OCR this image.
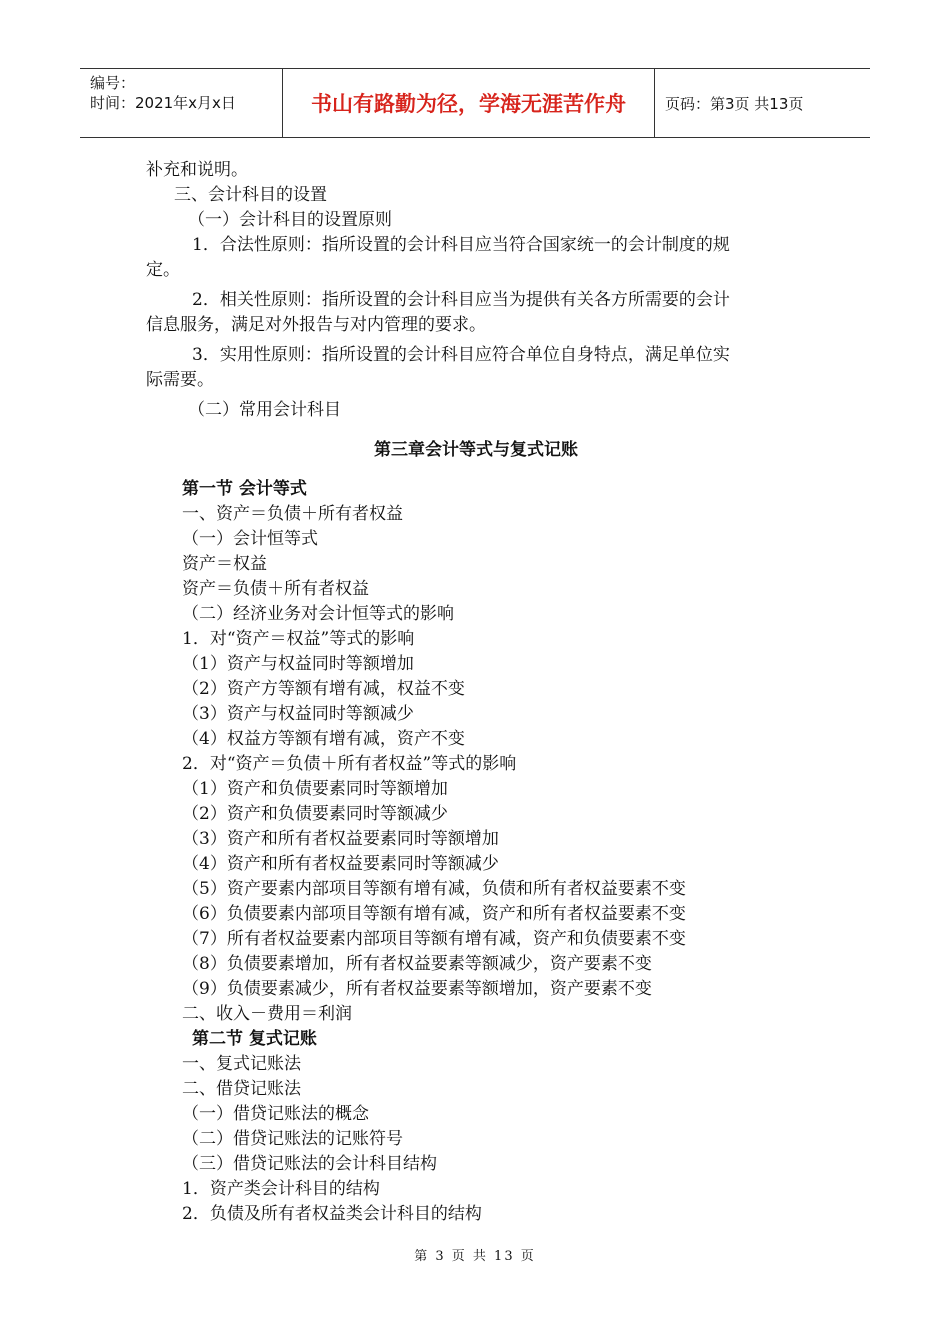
编号：
时间：2021年x月x日	书山有路勤为径，学海无涯苦作舟	页码：第3页 共13页
补充和说明。
三、会计科目的设置
（一）会计科目的设置原则
1．合法性原则：指所设置的会计科目应当符合国家统一的会计制度的规
定。
2．相关性原则：指所设置的会计科目应当为提供有关各方所需要的会计
信息服务，满足对外报告与对内管理的要求。
3．实用性原则：指所设置的会计科目应符合单位自身特点，满足单位实
际需要。
（二）常用会计科目
第三章会计等式与复式记账
第一节 会计等式
一、资产＝负债＋所有者权益
（一）会计恒等式
资产＝权益
资产＝负债＋所有者权益
（二）经济业务对会计恒等式的影响
1．对“资产＝权益”等式的影响
（1）资产与权益同时等额增加
（2）资产方等额有增有减，权益不变
（3）资产与权益同时等额减少
（4）权益方等额有增有减，资产不变
2．对“资产＝负债＋所有者权益”等式的影响
（1）资产和负债要素同时等额增加
（2）资产和负债要素同时等额减少
（3）资产和所有者权益要素同时等额增加
（4）资产和所有者权益要素同时等额减少
（5）资产要素内部项目等额有增有减，负债和所有者权益要素不变
（6）负债要素内部项目等额有增有减，资产和所有者权益要素不变
（7）所有者权益要素内部项目等额有增有减，资产和负债要素不变
（8）负债要素增加，所有者权益要素等额减少，资产要素不变
（9）负债要素减少，所有者权益要素等额增加，资产要素不变
二、收入－费用＝利润
第二节 复式记账
一、复式记账法
二、借贷记账法
（一）借贷记账法的概念
（二）借贷记账法的记账符号
（三）借贷记账法的会计科目结构
1．资产类会计科目的结构
2．负债及所有者权益类会计科目的结构
第 3 页 共 13 页
